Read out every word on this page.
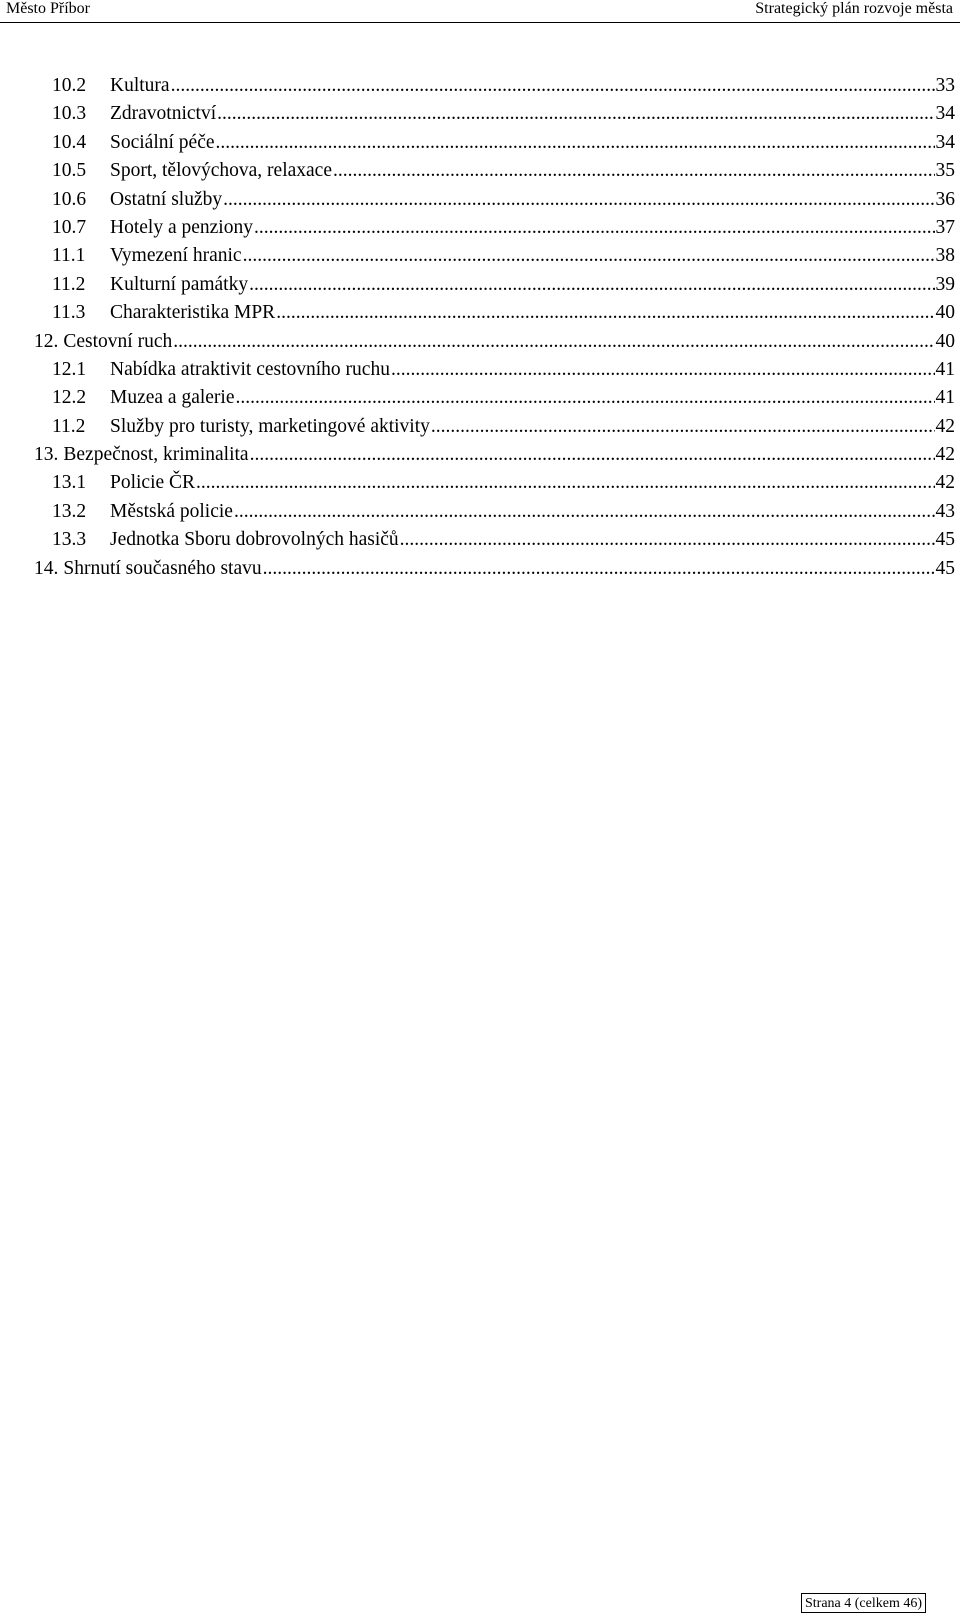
Město Příbor	Strategický plán rozvoje města
10.2	Kultura .....	33
10.3	Zdravotnictví .....	34
10.4	Sociální péče .....	34
10.5	Sport, tělovýchova, relaxace .....	35
10.6	Ostatní služby .....	36
10.7	Hotely a penziony .....	37
11.1	Vymezení hranic .....	38
11.2	Kulturní památky .....	39
11.3	Charakteristika MPR .....	40
12. Cestovní ruch .....	40
12.1	Nabídka atraktivit cestovního ruchu .....	41
12.2	Muzea a galerie .....	41
11.2	Služby pro turisty, marketingové aktivity .....	42
13. Bezpečnost, kriminalita .....	42
13.1	Policie ČR .....	42
13.2	Městská policie .....	43
13.3	Jednotka Sboru dobrovolných hasičů .....	45
14. Shrnutí současného stavu .....	45
Strana 4 (celkem 46)
